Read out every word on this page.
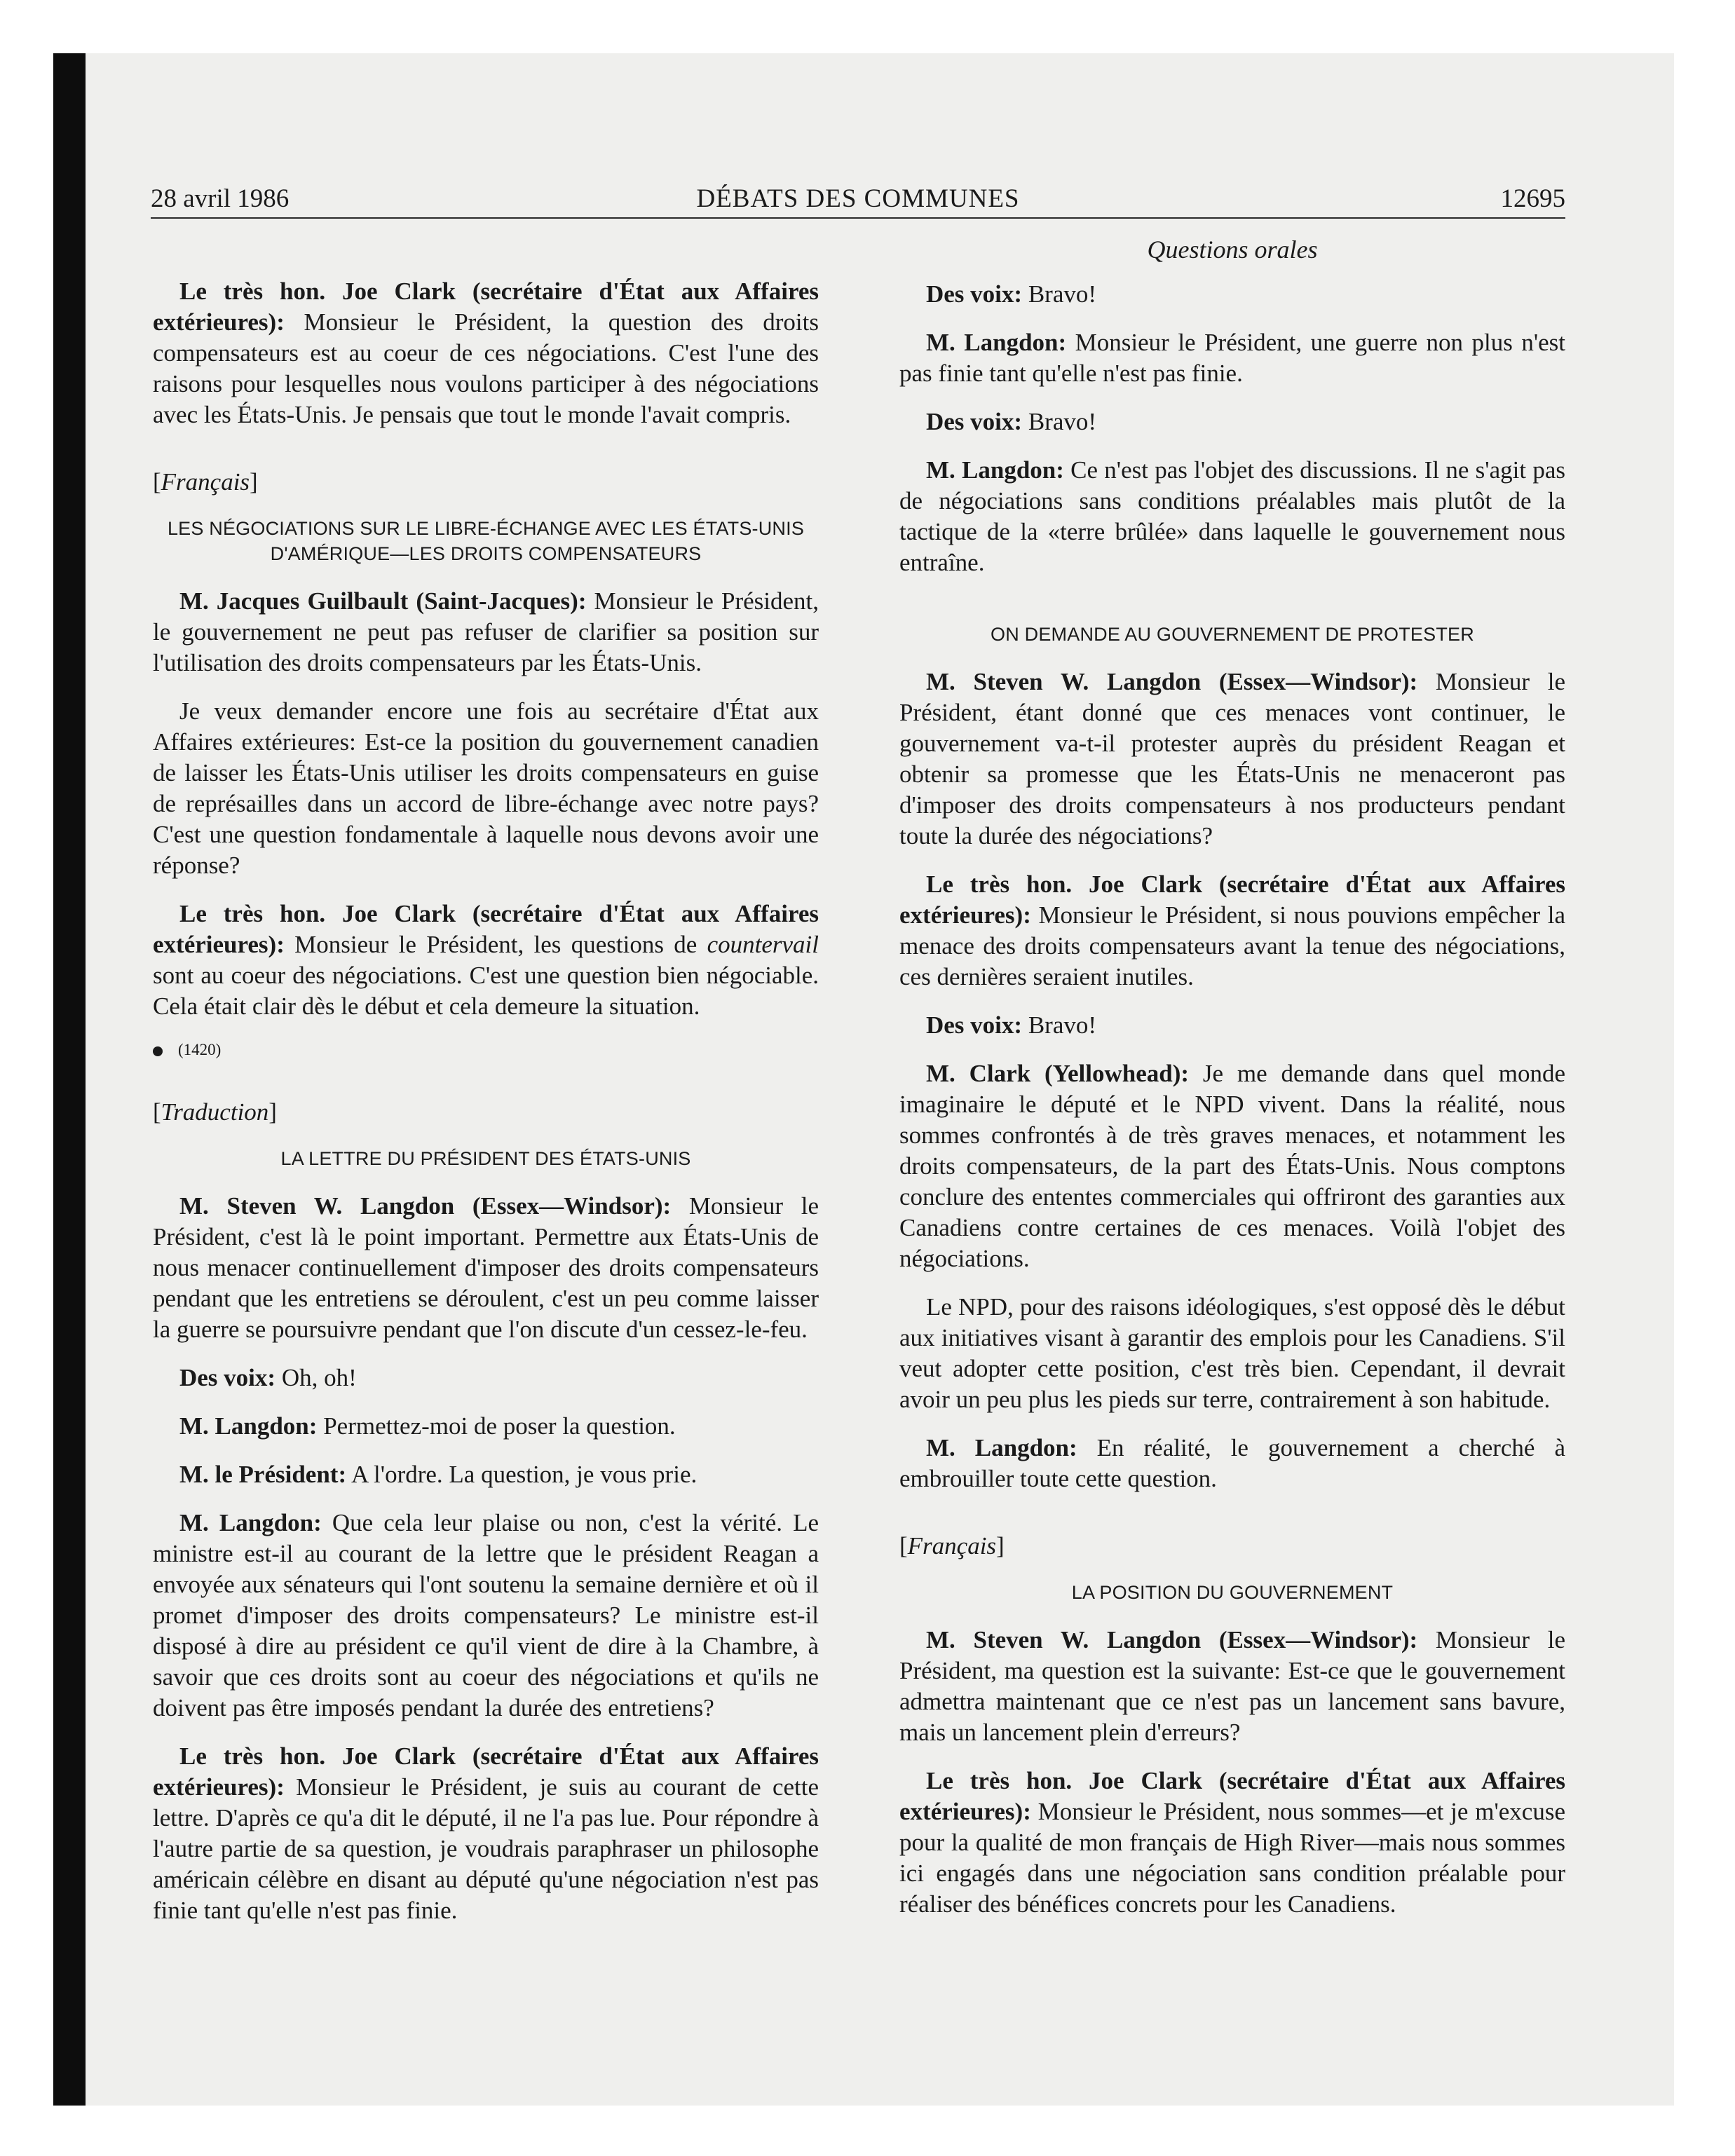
28 avril 1986	DÉBATS DES COMMUNES	12695

Le très hon. Joe Clark (secrétaire d'État aux Affaires extérieures): Monsieur le Président, la question des droits compensateurs est au coeur de ces négociations. C'est l'une des raisons pour lesquelles nous voulons participer à des négociations avec les États-Unis. Je pensais que tout le monde l'avait compris.

[Français]

LES NÉGOCIATIONS SUR LE LIBRE-ÉCHANGE AVEC LES ÉTATS-UNIS D'AMÉRIQUE—LES DROITS COMPENSATEURS

M. Jacques Guilbault (Saint-Jacques): Monsieur le Président, le gouvernement ne peut pas refuser de clarifier sa position sur l'utilisation des droits compensateurs par les États-Unis.

Je veux demander encore une fois au secrétaire d'État aux Affaires extérieures: Est-ce la position du gouvernement canadien de laisser les États-Unis utiliser les droits compensateurs en guise de représailles dans un accord de libre-échange avec notre pays? C'est une question fondamentale à laquelle nous devons avoir une réponse?

Le très hon. Joe Clark (secrétaire d'État aux Affaires extérieures): Monsieur le Président, les questions de countervail sont au coeur des négociations. C'est une question bien négociable. Cela était clair dès le début et cela demeure la situation.

(1420)

[Traduction]

LA LETTRE DU PRÉSIDENT DES ÉTATS-UNIS

M. Steven W. Langdon (Essex—Windsor): Monsieur le Président, c'est là le point important. Permettre aux États-Unis de nous menacer continuellement d'imposer des droits compensateurs pendant que les entretiens se déroulent, c'est un peu comme laisser la guerre se poursuivre pendant que l'on discute d'un cessez-le-feu.

Des voix: Oh, oh!

M. Langdon: Permettez-moi de poser la question.

M. le Président: A l'ordre. La question, je vous prie.

M. Langdon: Que cela leur plaise ou non, c'est la vérité. Le ministre est-il au courant de la lettre que le président Reagan a envoyée aux sénateurs qui l'ont soutenu la semaine dernière et où il promet d'imposer des droits compensateurs? Le ministre est-il disposé à dire au président ce qu'il vient de dire à la Chambre, à savoir que ces droits sont au coeur des négociations et qu'ils ne doivent pas être imposés pendant la durée des entretiens?

Le très hon. Joe Clark (secrétaire d'État aux Affaires extérieures): Monsieur le Président, je suis au courant de cette lettre. D'après ce qu'a dit le député, il ne l'a pas lue. Pour répondre à l'autre partie de sa question, je voudrais paraphraser un philosophe américain célèbre en disant au député qu'une négociation n'est pas finie tant qu'elle n'est pas finie.

Questions orales

Des voix: Bravo!

M. Langdon: Monsieur le Président, une guerre non plus n'est pas finie tant qu'elle n'est pas finie.

Des voix: Bravo!

M. Langdon: Ce n'est pas l'objet des discussions. Il ne s'agit pas de négociations sans conditions préalables mais plutôt de la tactique de la «terre brûlée» dans laquelle le gouvernement nous entraîne.

ON DEMANDE AU GOUVERNEMENT DE PROTESTER

M. Steven W. Langdon (Essex—Windsor): Monsieur le Président, étant donné que ces menaces vont continuer, le gouvernement va-t-il protester auprès du président Reagan et obtenir sa promesse que les États-Unis ne menaceront pas d'imposer des droits compensateurs à nos producteurs pendant toute la durée des négociations?

Le très hon. Joe Clark (secrétaire d'État aux Affaires extérieures): Monsieur le Président, si nous pouvions empêcher la menace des droits compensateurs avant la tenue des négociations, ces dernières seraient inutiles.

Des voix: Bravo!

M. Clark (Yellowhead): Je me demande dans quel monde imaginaire le député et le NPD vivent. Dans la réalité, nous sommes confrontés à de très graves menaces, et notamment les droits compensateurs, de la part des États-Unis. Nous comptons conclure des ententes commerciales qui offriront des garanties aux Canadiens contre certaines de ces menaces. Voilà l'objet des négociations.

Le NPD, pour des raisons idéologiques, s'est opposé dès le début aux initiatives visant à garantir des emplois pour les Canadiens. S'il veut adopter cette position, c'est très bien. Cependant, il devrait avoir un peu plus les pieds sur terre, contrairement à son habitude.

M. Langdon: En réalité, le gouvernement a cherché à embrouiller toute cette question.

[Français]

LA POSITION DU GOUVERNEMENT

M. Steven W. Langdon (Essex—Windsor): Monsieur le Président, ma question est la suivante: Est-ce que le gouvernement admettra maintenant que ce n'est pas un lancement sans bavure, mais un lancement plein d'erreurs?

Le très hon. Joe Clark (secrétaire d'État aux Affaires extérieures): Monsieur le Président, nous sommes—et je m'excuse pour la qualité de mon français de High River—mais nous sommes ici engagés dans une négociation sans condition préalable pour réaliser des bénéfices concrets pour les Canadiens.
